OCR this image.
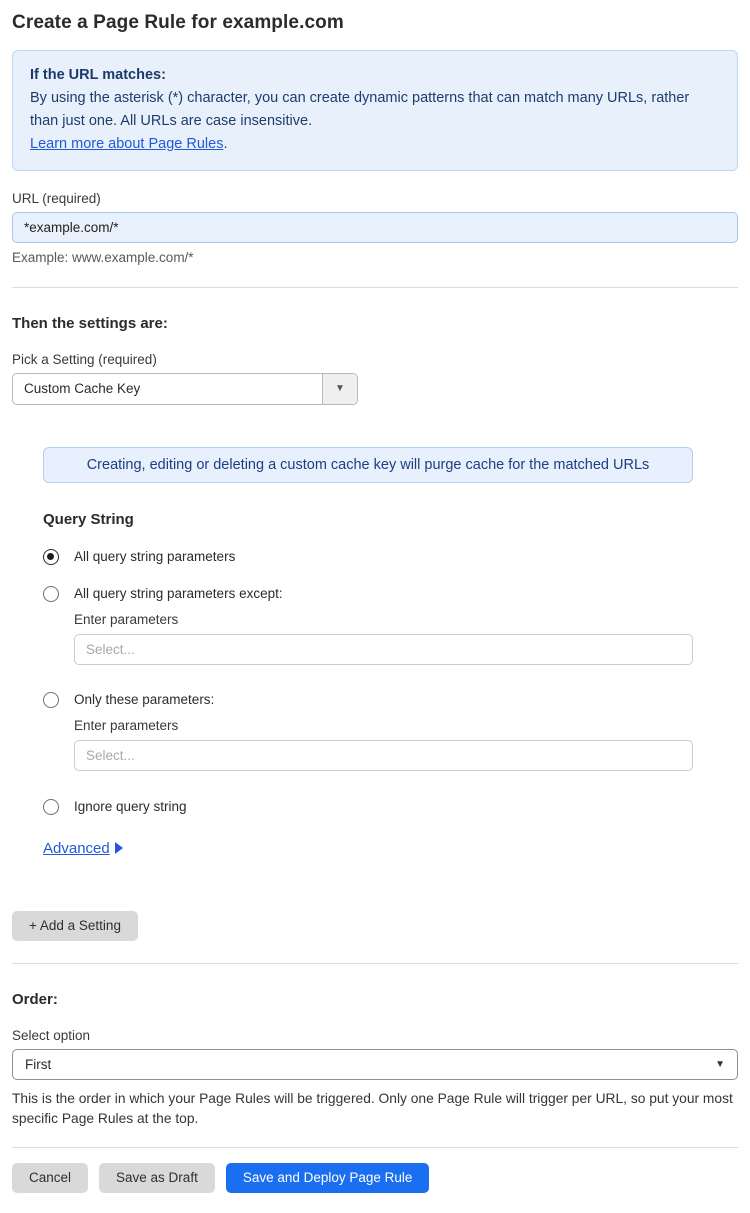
Create a Page Rule for example.com
If the URL matches:
By using the asterisk (*) character, you can create dynamic patterns that can match many URLs, rather than just one. All URLs are case insensitive.
Learn more about Page Rules.
URL (required)
*example.com/*
Example: www.example.com/*
Then the settings are:
Pick a Setting (required)
Custom Cache Key	▼
Creating, editing or deleting a custom cache key will purge cache for the matched URLs
Query String
All query string parameters
All query string parameters except:
Enter parameters
Select...
Only these parameters:
Enter parameters
Select...
Ignore query string
Advanced
+ Add a Setting
Order:
Select option
First	▼
This is the order in which your Page Rules will be triggered. Only one Page Rule will trigger per URL, so put your most specific Page Rules at the top.
Cancel	Save as Draft	Save and Deploy Page Rule
